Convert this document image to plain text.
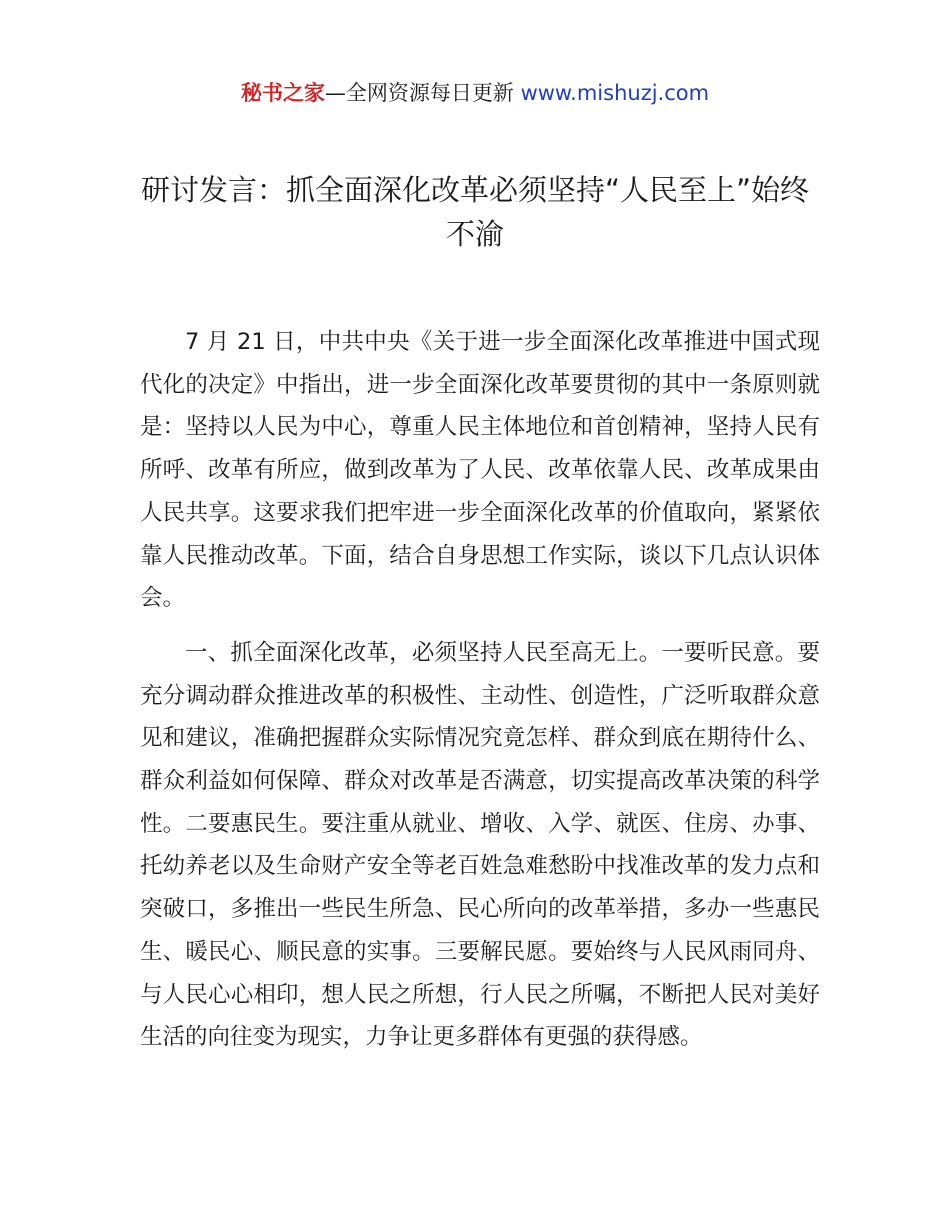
秘书之家—全网资源每日更新 www.mishuzj.com
研讨发言：抓全面深化改革必须坚持“人民至上”始终不渝

7 月 21 日，中共中央《关于进一步全面深化改革推进中国式现代化的决定》中指出，进一步全面深化改革要贯彻的其中一条原则就是：坚持以人民为中心，尊重人民主体地位和首创精神，坚持人民有所呼、改革有所应，做到改革为了人民、改革依靠人民、改革成果由人民共享。这要求我们把牢进一步全面深化改革的价值取向，紧紧依靠人民推动改革。下面，结合自身思想工作实际，谈以下几点认识体会。

一、抓全面深化改革，必须坚持人民至高无上。一要听民意。要充分调动群众推进改革的积极性、主动性、创造性，广泛听取群众意见和建议，准确把握群众实际情况究竟怎样、群众到底在期待什么、群众利益如何保障、群众对改革是否满意，切实提高改革决策的科学性。二要惠民生。要注重从就业、增收、入学、就医、住房、办事、托幼养老以及生命财产安全等老百姓急难愁盼中找准改革的发力点和突破口，多推出一些民生所急、民心所向的改革举措，多办一些惠民生、暖民心、顺民意的实事。三要解民愿。要始终与人民风雨同舟、与人民心心相印，想人民之所想，行人民之所嘱，不断把人民对美好生活的向往变为现实，力争让更多群体有更强的获得感。
